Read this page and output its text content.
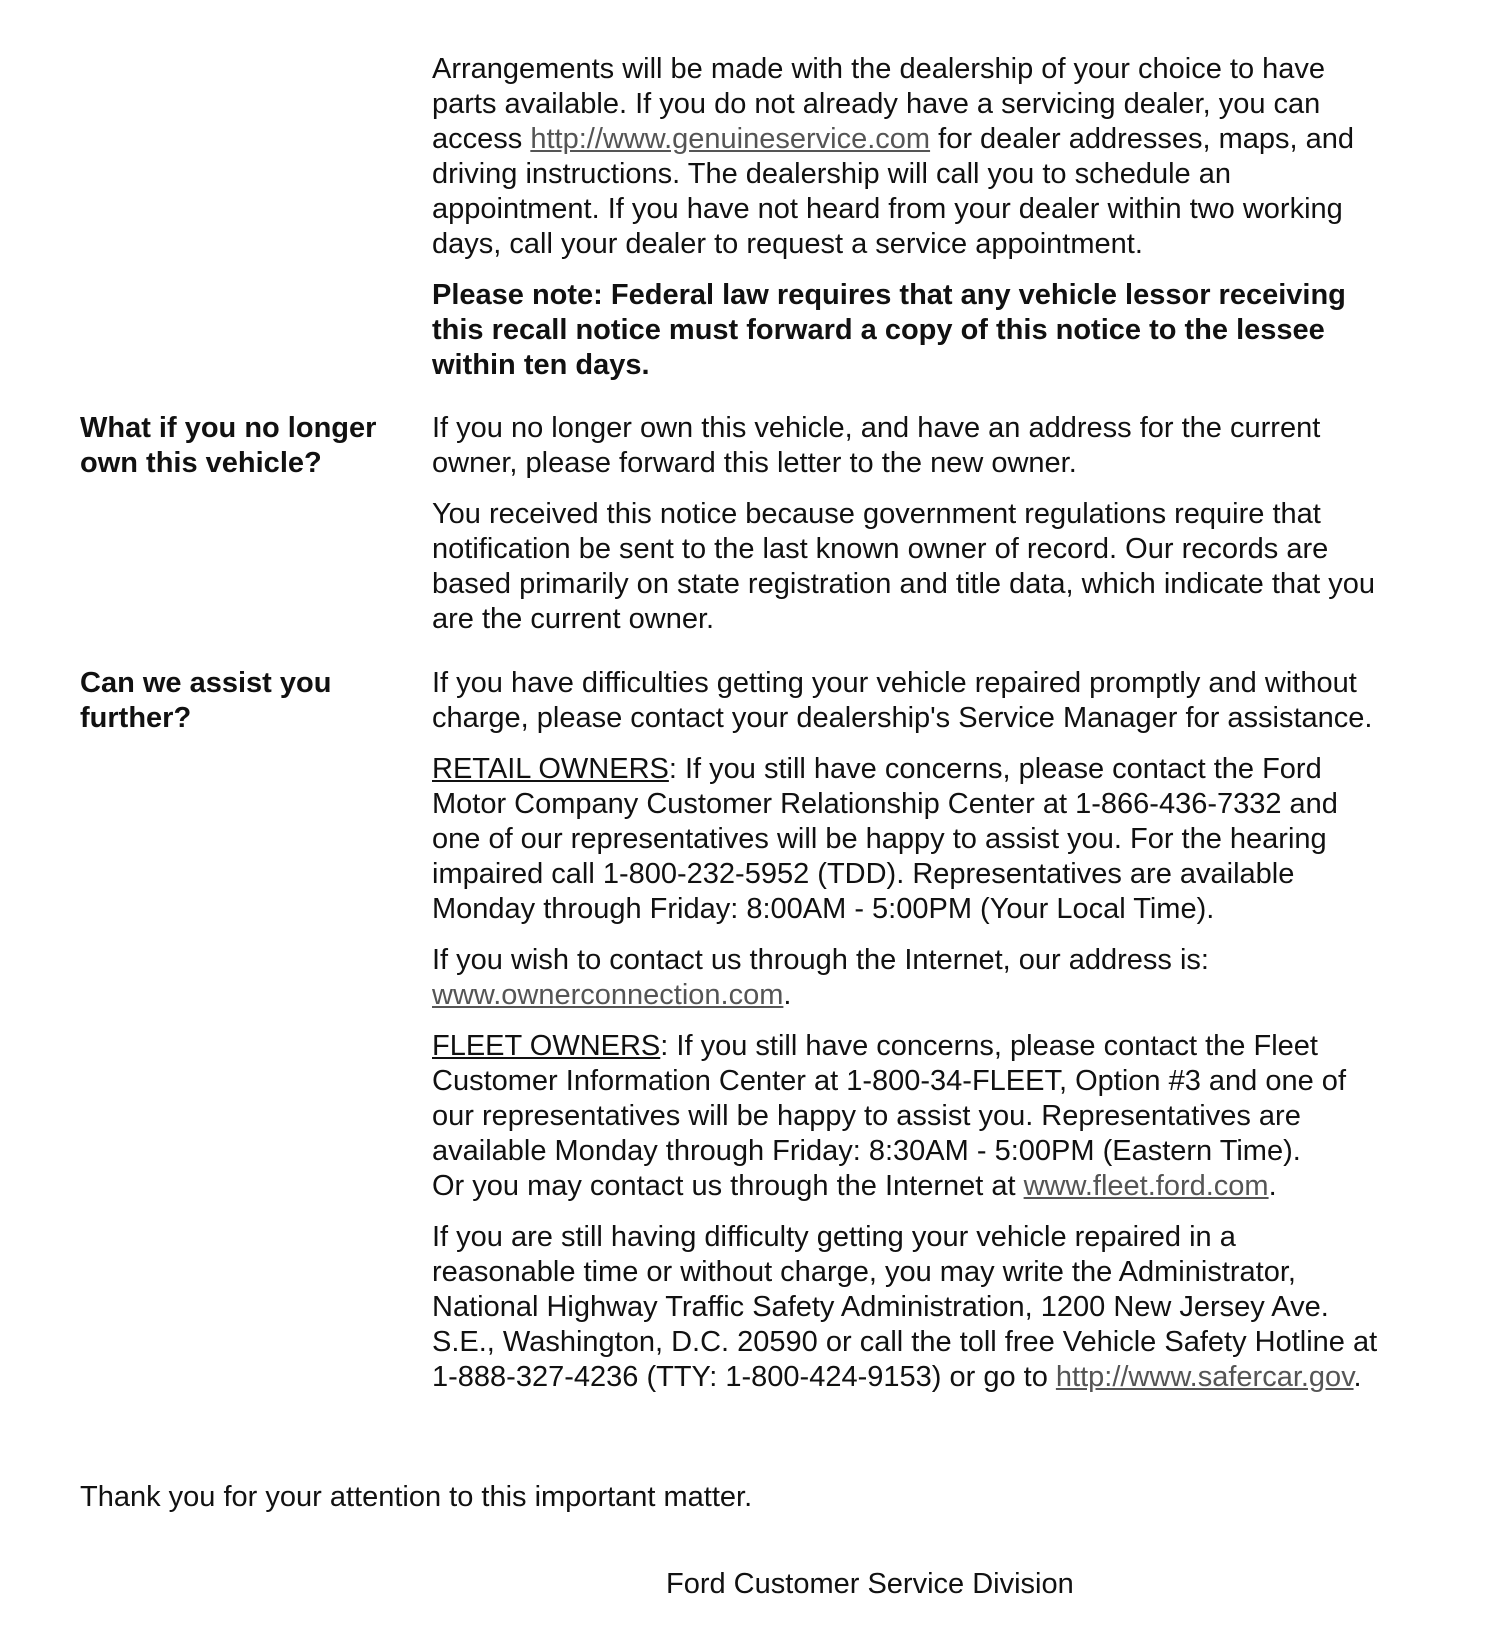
Arrangements will be made with the dealership of your choice to have
parts available. If you do not already have a servicing dealer, you can
access http://www.genuineservice.com for dealer addresses, maps, and
driving instructions. The dealership will call you to schedule an
appointment. If you have not heard from your dealer within two working
days, call your dealer to request a service appointment.

Please note: Federal law requires that any vehicle lessor receiving
this recall notice must forward a copy of this notice to the lessee
within ten days.

What if you no longer
own this vehicle?

If you no longer own this vehicle, and have an address for the current
owner, please forward this letter to the new owner.

You received this notice because government regulations require that
notification be sent to the last known owner of record. Our records are
based primarily on state registration and title data, which indicate that you
are the current owner.

Can we assist you
further?

If you have difficulties getting your vehicle repaired promptly and without
charge, please contact your dealership's Service Manager for assistance.

RETAIL OWNERS: If you still have concerns, please contact the Ford
Motor Company Customer Relationship Center at 1-866-436-7332 and
one of our representatives will be happy to assist you. For the hearing
impaired call 1-800-232-5952 (TDD). Representatives are available
Monday through Friday: 8:00AM - 5:00PM (Your Local Time).

If you wish to contact us through the Internet, our address is:
www.ownerconnection.com.

FLEET OWNERS: If you still have concerns, please contact the Fleet
Customer Information Center at 1-800-34-FLEET, Option #3 and one of
our representatives will be happy to assist you. Representatives are
available Monday through Friday: 8:30AM - 5:00PM (Eastern Time).
Or you may contact us through the Internet at www.fleet.ford.com.

If you are still having difficulty getting your vehicle repaired in a
reasonable time or without charge, you may write the Administrator,
National Highway Traffic Safety Administration, 1200 New Jersey Ave.
S.E., Washington, D.C. 20590 or call the toll free Vehicle Safety Hotline at
1-888-327-4236 (TTY: 1-800-424-9153) or go to http://www.safercar.gov.

Thank you for your attention to this important matter.
Ford Customer Service Division
